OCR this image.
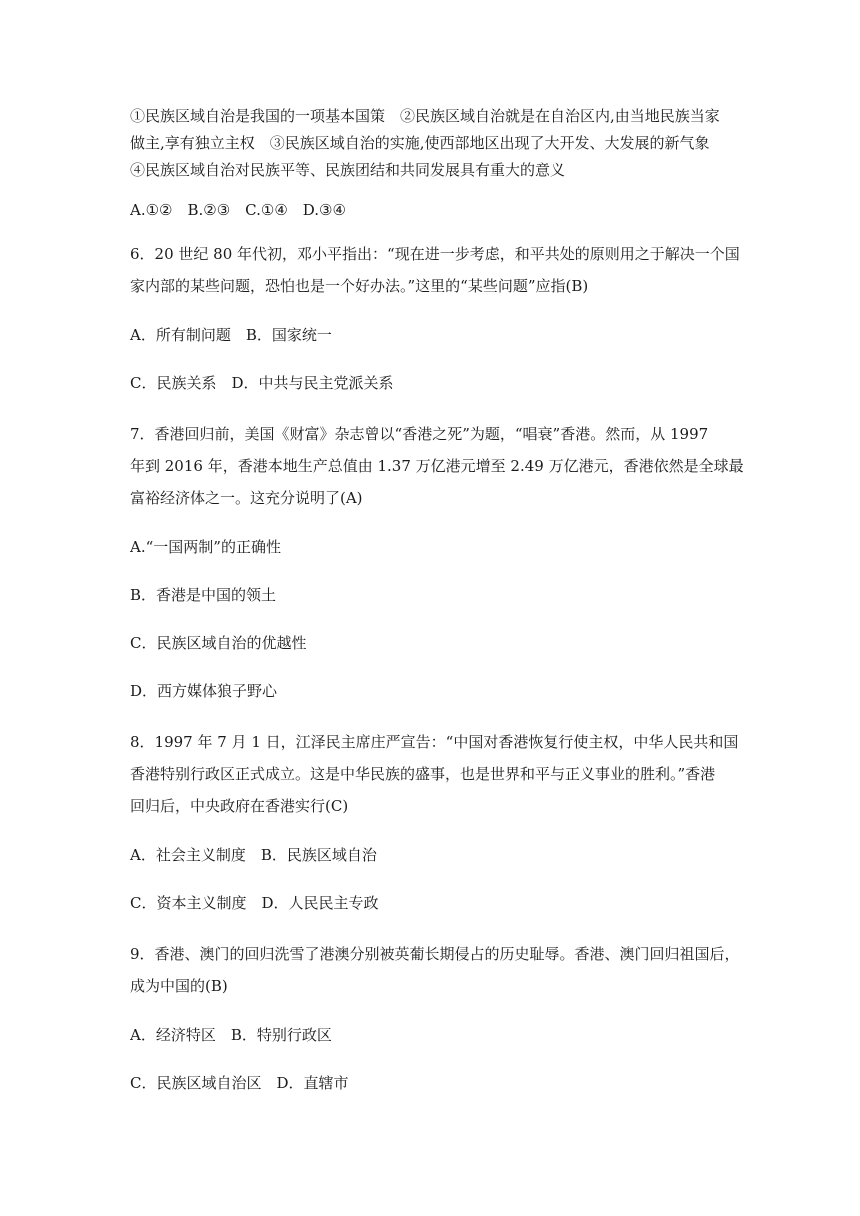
①民族区域自治是我国的一项基本国策　②民族区域自治就是在自治区内,由当地民族当家
做主,享有独立主权　③民族区域自治的实施,使西部地区出现了大开发、大发展的新气象
④民族区域自治对民族平等、民族团结和共同发展具有重大的意义
A.①②　B.②③　C.①④　D.③④
6．20 世纪 80 年代初，邓小平指出：“现在进一步考虑，和平共处的原则用之于解决一个国
家内部的某些问题，恐怕也是一个好办法。”这里的“某些问题”应指(B)
A．所有制问题　B．国家统一
C．民族关系　D．中共与民主党派关系
7．香港回归前，美国《财富》杂志曾以“香港之死”为题，“唱衰”香港。然而，从 1997
年到 2016 年，香港本地生产总值由 1.37 万亿港元增至 2.49 万亿港元，香港依然是全球最
富裕经济体之一。这充分说明了(A)
A.“一国两制”的正确性
B．香港是中国的领土
C．民族区域自治的优越性
D．西方媒体狼子野心
8．1997 年 7 月 1 日，江泽民主席庄严宣告：“中国对香港恢复行使主权，中华人民共和国
香港特别行政区正式成立。这是中华民族的盛事，也是世界和平与正义事业的胜利。”香港
回归后，中央政府在香港实行(C)
A．社会主义制度　B．民族区域自治
C．资本主义制度　D．人民民主专政
9．香港、澳门的回归洗雪了港澳分别被英葡长期侵占的历史耻辱。香港、澳门回归祖国后，
成为中国的(B)
A．经济特区　B．特别行政区
C．民族区域自治区　D．直辖市
